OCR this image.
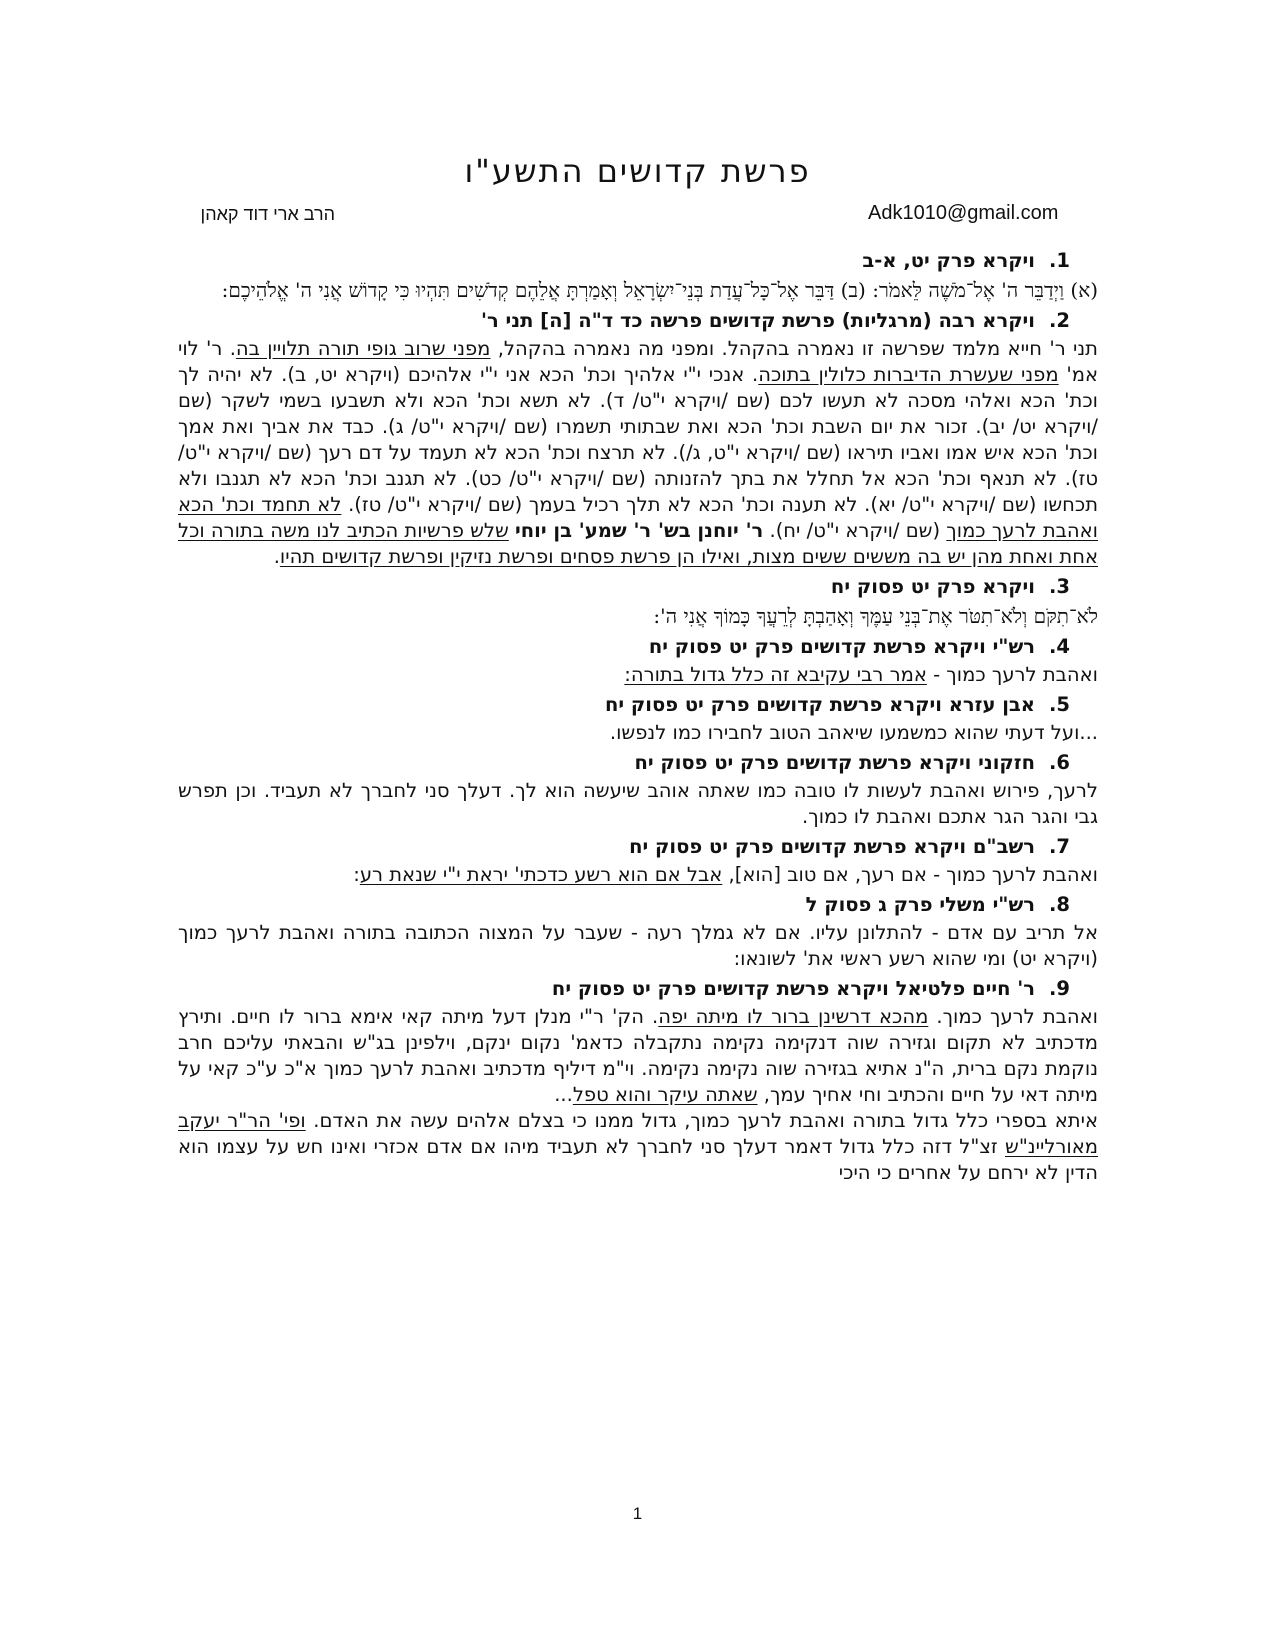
פרשת קדושים התשע"ו
Adk1010@gmail.com
הרב ארי דוד קאהן
1.ויקרא פרק יט, א-ב
(א) וַיְדַבֵּר ה' אֶל־מֹשֶׁה לֵּאמֹר: (ב) דַּבֵּר אֶל־כָּל־עֲדַת בְּנֵי־יִשְׂרָאֵל וְאָמַרְתָּ אֲלֵהֶם קְדֹשִׁים תִּהְיוּ כִּי קָדוֹשׁ אֲנִי ה' אֱלֹהֵיכֶם:
2.ויקרא רבה (מרגליות) פרשת קדושים פרשה כד ד"ה [ה] תני ר'
תני ר' חייא מלמד שפרשה זו נאמרה בהקהל. ומפני מה נאמרה בהקהל, מפני שרוב גופי תורה תלויין בה. ר' לוי אמ' מפני שעשרת הדיברות כלולין בתוכה. אנכי י"י אלהיך וכת' הכא אני י"י אלהיכם (ויקרא יט, ב). לא יהיה לך וכת' הכא ואלהי מסכה לא תעשו לכם (שם /ויקרא י"ט/ ד). לא תשא וכת' הכא ולא תשבעו בשמי לשקר (שם /ויקרא יט/ יב). זכור את יום השבת וכת' הכא ואת שבתותי תשמרו (שם /ויקרא י"ט/ ג). כבד את אביך ואת אמך וכת' הכא איש אמו ואביו תיראו (שם /ויקרא י"ט, ג/). לא תרצח וכת' הכא לא תעמד על דם רעך (שם /ויקרא י"ט/ טז). לא תנאף וכת' הכא אל תחלל את בתך להזנותה (שם /ויקרא י"ט/ כט). לא תגנב וכת' הכא לא תגנבו ולא תכחשו (שם /ויקרא י"ט/ יא). לא תענה וכת' הכא לא תלך רכיל בעמך (שם /ויקרא י"ט/ טז). לא תחמד וכת' הכא ואהבת לרעך כמוך (שם /ויקרא י"ט/ יח). ר' יוחנן בש' ר' שמע' בן יוחי שלש פרשיות הכתיב לנו משה בתורה וכל אחת ואחת מהן יש בה מששים ששים מצות, ואילו הן פרשת פסחים ופרשת נזיקין ופרשת קדושים תהיו.
3.ויקרא פרק יט פסוק יח
לֹא־תִקֹּם וְלֹא־תִטֹּר אֶת־בְּנֵי עַמֶּךָ וְאָהַבְתָּ לְרֵעֲךָ כָּמוֹךָ אֲנִי ה':
4.רש"י ויקרא פרשת קדושים פרק יט פסוק יח
ואהבת לרעך כמוך - אמר רבי עקיבא זה כלל גדול בתורה:
5.אבן עזרא ויקרא פרשת קדושים פרק יט פסוק יח
...ועל דעתי שהוא כמשמעו שיאהב הטוב לחבירו כמו לנפשו.
6.חזקוני ויקרא פרשת קדושים פרק יט פסוק יח
לרעך, פירוש ואהבת לעשות לו טובה כמו שאתה אוהב שיעשה הוא לך. דעלך סני לחברך לא תעביד. וכן תפרש גבי והגר הגר אתכם ואהבת לו כמוך.
7.רשב"ם ויקרא פרשת קדושים פרק יט פסוק יח
ואהבת לרעך כמוך - אם רעך, אם טוב [הוא], אבל אם הוא רשע כדכתי' יראת י"י שנאת רע:
8.רש"י משלי פרק ג פסוק ל
אל תריב עם אדם - להתלונן עליו. אם לא גמלך רעה - שעבר על המצוה הכתובה בתורה ואהבת לרעך כמוך (ויקרא יט) ומי שהוא רשע ראשי את' לשונאו:
9.ר' חיים פלטיאל ויקרא פרשת קדושים פרק יט פסוק יח
ואהבת לרעך כמוך. מהכא דרשינן ברור לו מיתה יפה. הק' ר"י מנלן דעל מיתה קאי אימא ברור לו חיים. ותירץ מדכתיב לא תקום וגזירה שוה דנקימה נקימה נתקבלה כדאמ' נקום ינקם, וילפינן בג"ש והבאתי עליכם חרב נוקמת נקם ברית, ה"נ אתיא בגזירה שוה נקימה נקימה. וי"מ דיליף מדכתיב ואהבת לרעך כמוך א"כ ע"כ קאי על מיתה דאי על חיים והכתיב וחי אחיך עמך, שאתה עיקר והוא טפל...
איתא בספרי כלל גדול בתורה ואהבת לרעך כמוך, גדול ממנו כי בצלם אלהים עשה את האדם. ופי' הר"ר יעקב מאורליינ"ש זצ"ל דזה כלל גדול דאמר דעלך סני לחברך לא תעביד מיהו אם אדם אכזרי ואינו חש על עצמו הוא הדין לא ירחם על אחרים כי היכי
1
